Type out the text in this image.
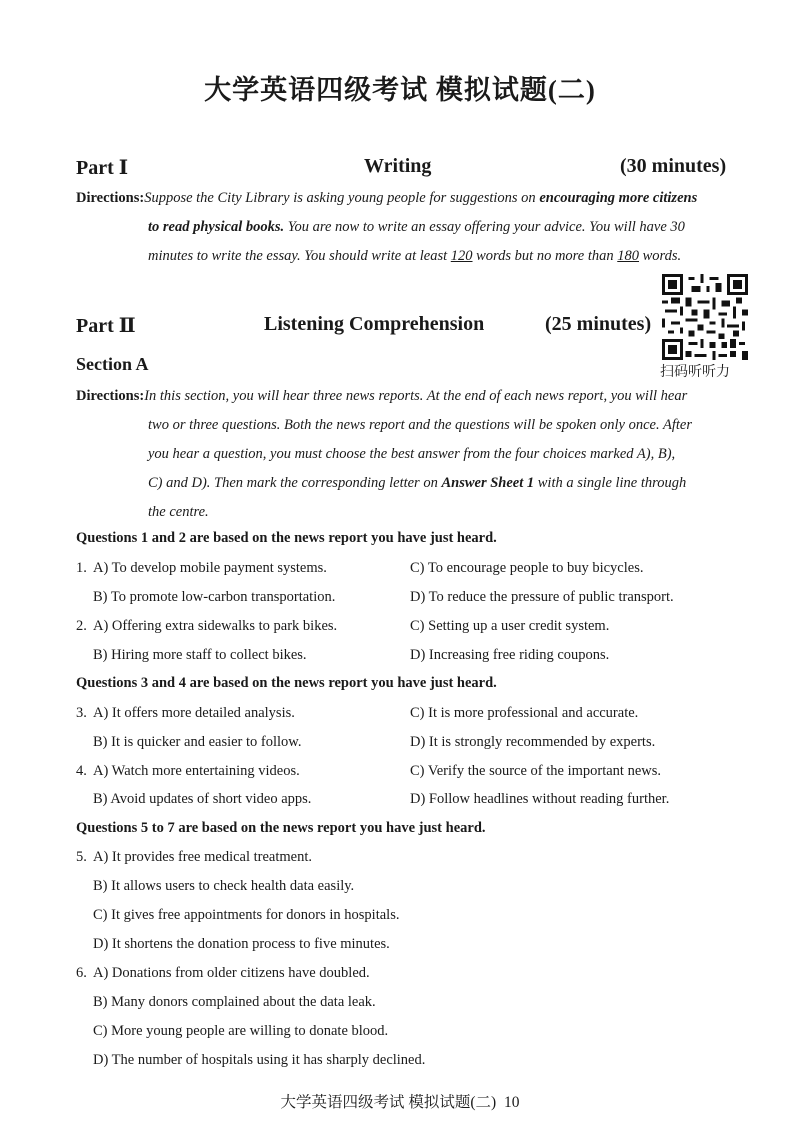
大学英语四级考试 模拟试题(二)
Part Ⅰ	Writing	(30 minutes)
Directions:Suppose the City Library is asking young people for suggestions on encouraging more citizens
to read physical books. You are now to write an essay offering your advice. You will have 30
minutes to write the essay. You should write at least 120 words but no more than 180 words.
扫码听听力
Part Ⅱ	Listening Comprehension	(25 minutes)
Section A
Directions:In this section, you will hear three news reports. At the end of each news report, you will hear
two or three questions. Both the news report and the questions will be spoken only once. After
you hear a question, you must choose the best answer from the four choices marked A), B),
C) and D). Then mark the corresponding letter on Answer Sheet 1 with a single line through
the centre.
Questions 1 and 2 are based on the news report you have just heard.
1. A) To develop mobile payment systems.	C) To encourage people to buy bicycles.
B) To promote low-carbon transportation.	D) To reduce the pressure of public transport.
2. A) Offering extra sidewalks to park bikes.	C) Setting up a user credit system.
B) Hiring more staff to collect bikes.	D) Increasing free riding coupons.
Questions 3 and 4 are based on the news report you have just heard.
3. A) It offers more detailed analysis.	C) It is more professional and accurate.
B) It is quicker and easier to follow.	D) It is strongly recommended by experts.
4. A) Watch more entertaining videos.	C) Verify the source of the important news.
B) Avoid updates of short video apps.	D) Follow headlines without reading further.
Questions 5 to 7 are based on the news report you have just heard.
5. A) It provides free medical treatment.
B) It allows users to check health data easily.
C) It gives free appointments for donors in hospitals.
D) It shortens the donation process to five minutes.
6. A) Donations from older citizens have doubled.
B) Many donors complained about the data leak.
C) More young people are willing to donate blood.
D) The number of hospitals using it has sharply declined.
大学英语四级考试 模拟试题(二) 10
